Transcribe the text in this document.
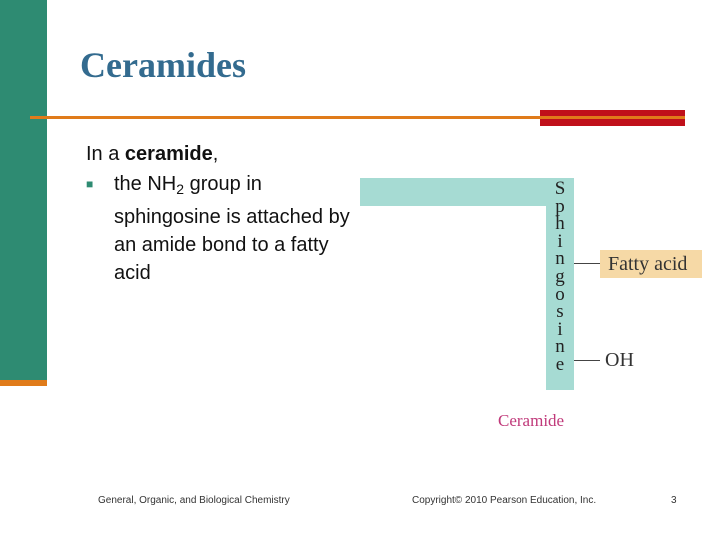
Ceramides
In a ceramide,
■ the $NH_2$ group in sphingosine is attached by an amide bond to a fatty acid
S
p
h
i
n
g
o
s
i
n
e
Fatty acid
OH
Ceramide
General, Organic, and Biological Chemistry	Copyright© 2010 Pearson Education, Inc.	3
